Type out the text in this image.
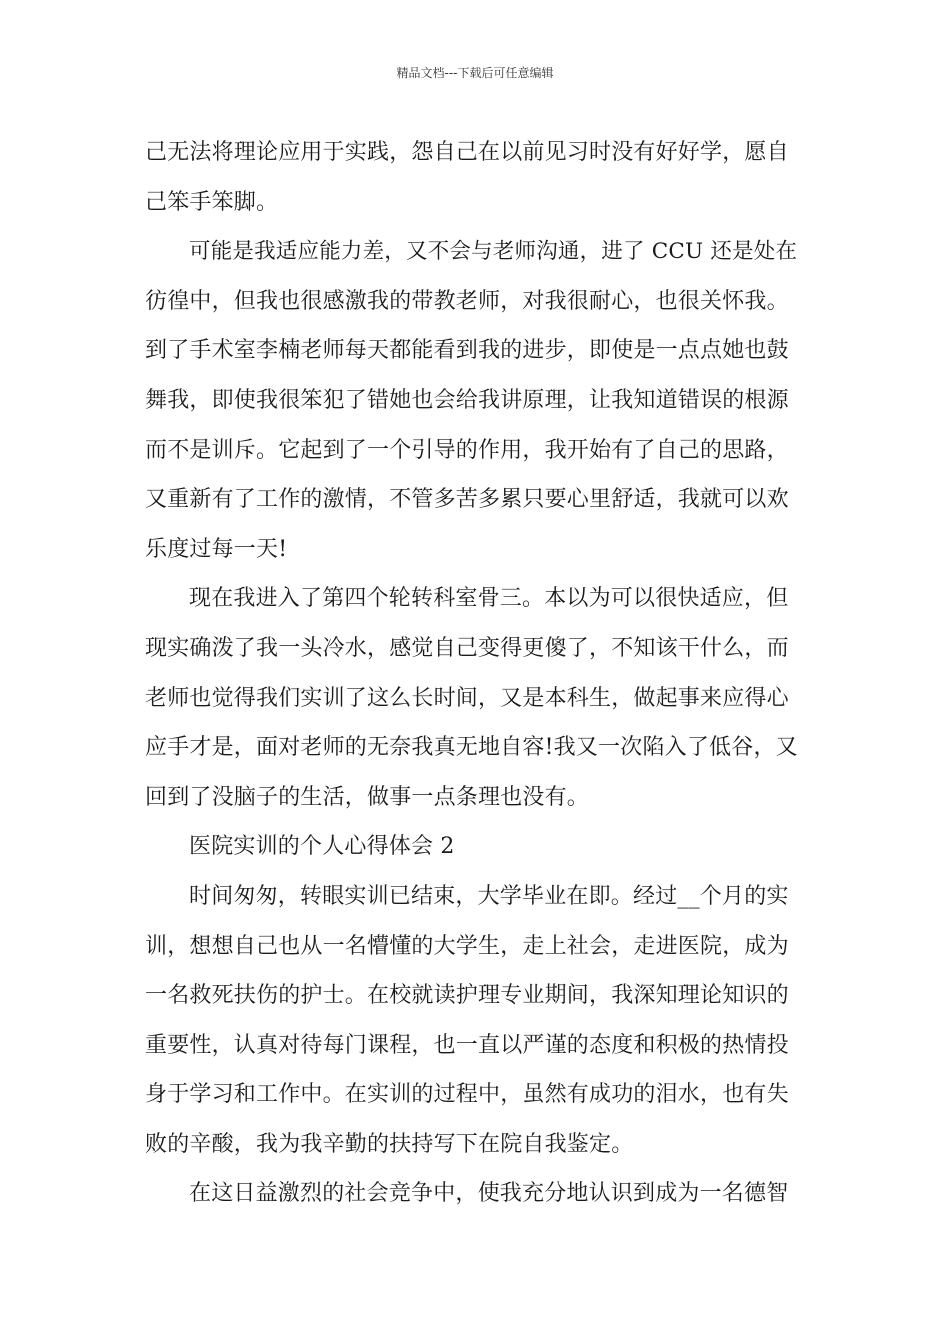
精品文档---下载后可任意编辑
己无法将理论应用于实践，怨自己在以前见习时没有好好学，愿自
己笨手笨脚。
可能是我适应能力差，又不会与老师沟通，进了 CCU 还是处在
彷徨中，但我也很感激我的带教老师，对我很耐心，也很关怀我。
到了手术室李楠老师每天都能看到我的进步，即使是一点点她也鼓
舞我，即使我很笨犯了错她也会给我讲原理，让我知道错误的根源
而不是训斥。它起到了一个引导的作用，我开始有了自己的思路，
又重新有了工作的激情，不管多苦多累只要心里舒适，我就可以欢
乐度过每一天!
现在我进入了第四个轮转科室骨三。本以为可以很快适应，但
现实确泼了我一头冷水，感觉自己变得更傻了，不知该干什么，而
老师也觉得我们实训了这么长时间，又是本科生，做起事来应得心
应手才是，面对老师的无奈我真无地自容!我又一次陷入了低谷，又
回到了没脑子的生活，做事一点条理也没有。
医院实训的个人心得体会 2
时间匆匆，转眼实训已结束，大学毕业在即。经过__个月的实
训，想想自己也从一名懵懂的大学生，走上社会，走进医院，成为
一名救死扶伤的护士。在校就读护理专业期间，我深知理论知识的
重要性，认真对待每门课程，也一直以严谨的态度和积极的热情投
身于学习和工作中。在实训的过程中，虽然有成功的泪水，也有失
败的辛酸，我为我辛勤的扶持写下在院自我鉴定。
在这日益激烈的社会竞争中，使我充分地认识到成为一名德智
